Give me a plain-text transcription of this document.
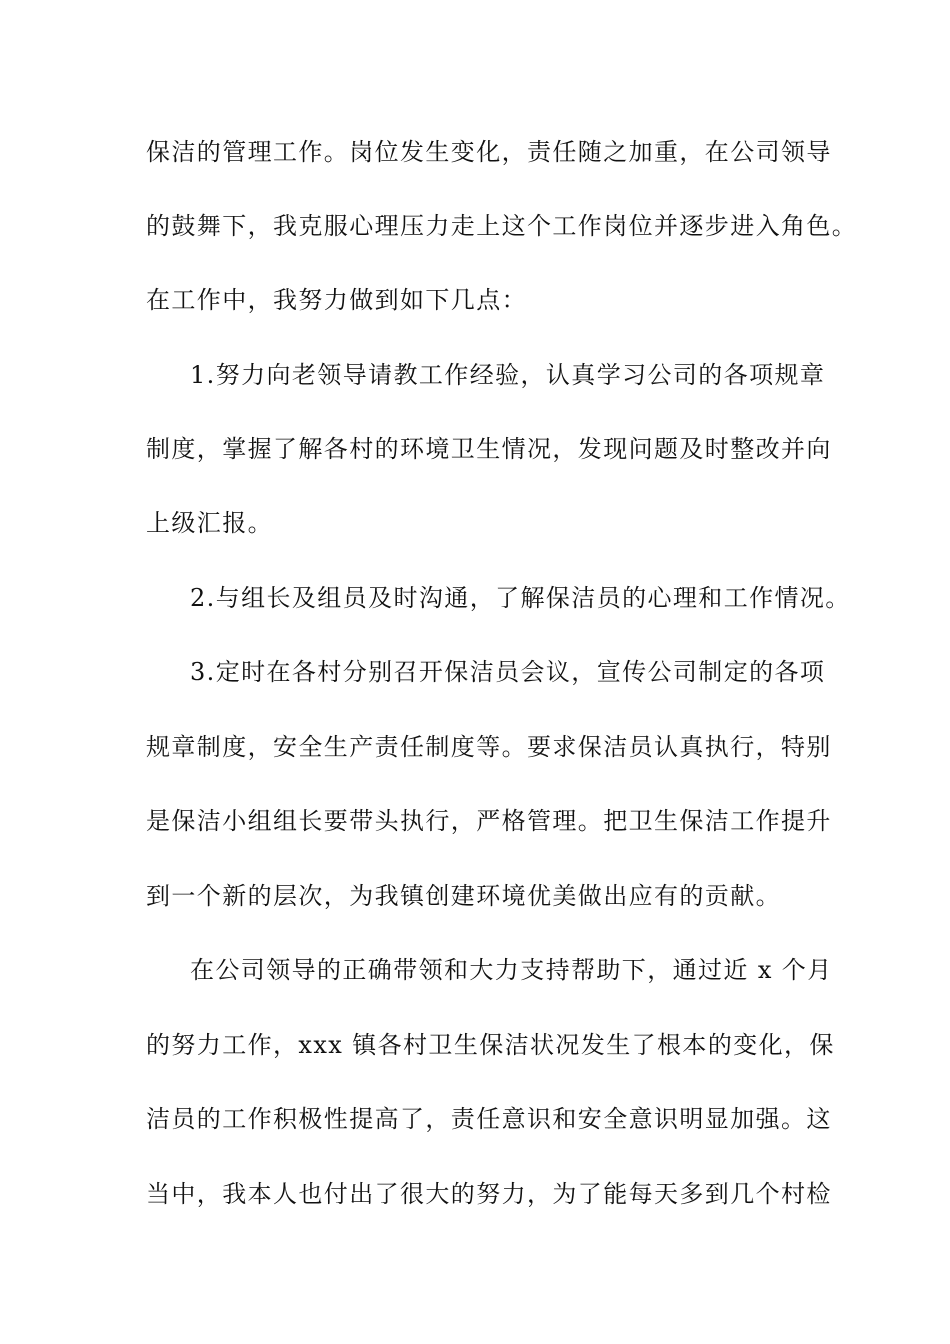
保洁的管理工作。岗位发生变化，责任随之加重，在公司领导

的鼓舞下，我克服心理压力走上这个工作岗位并逐步进入角色。

在工作中，我努力做到如下几点：

1.努力向老领导请教工作经验，认真学习公司的各项规章

制度，掌握了解各村的环境卫生情况，发现问题及时整改并向

上级汇报。

2.与组长及组员及时沟通，了解保洁员的心理和工作情况。

3.定时在各村分别召开保洁员会议，宣传公司制定的各项

规章制度，安全生产责任制度等。要求保洁员认真执行，特别

是保洁小组组长要带头执行，严格管理。把卫生保洁工作提升

到一个新的层次，为我镇创建环境优美做出应有的贡献。

在公司领导的正确带领和大力支持帮助下，通过近 x 个月

的努力工作，xxx 镇各村卫生保洁状况发生了根本的变化，保

洁员的工作积极性提高了，责任意识和安全意识明显加强。这

当中，我本人也付出了很大的努力，为了能每天多到几个村检
